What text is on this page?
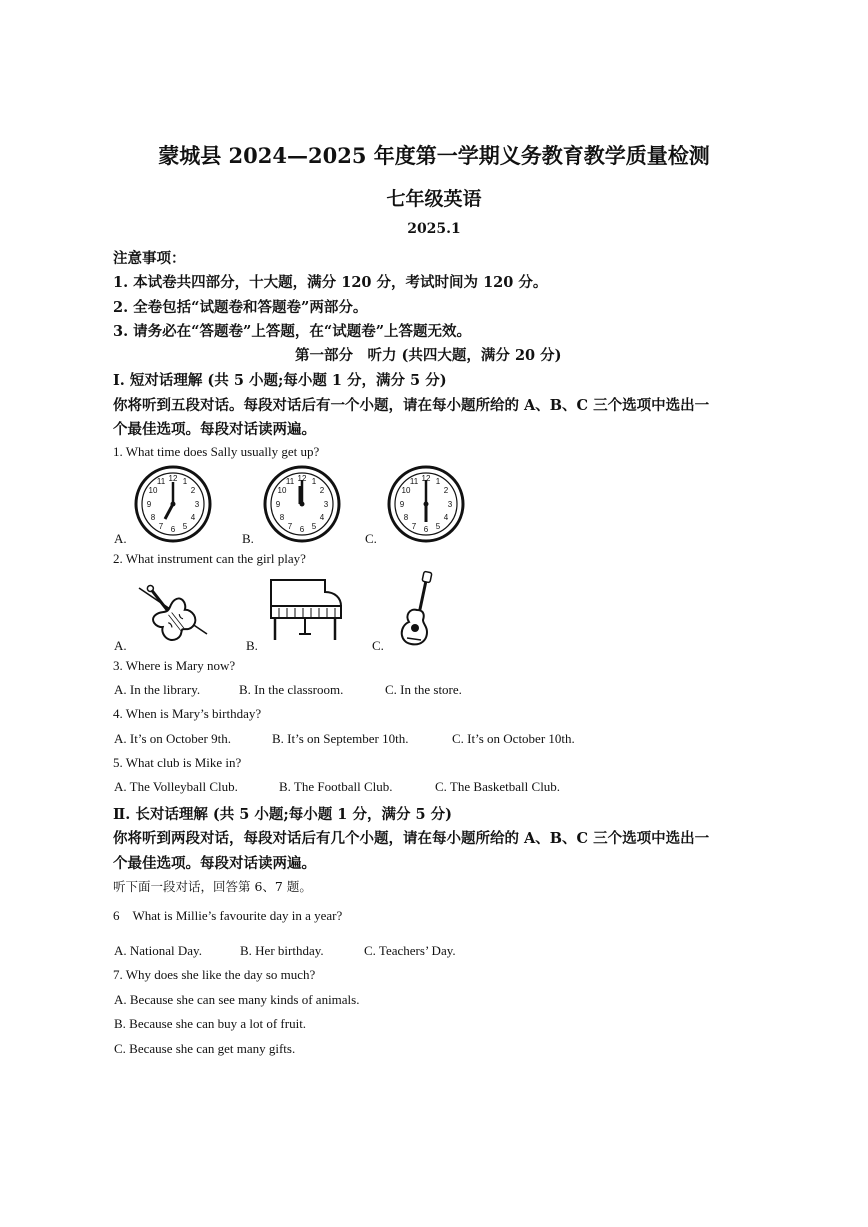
蒙城县 2024—2025 年度第一学期义务教育教学质量检测
七年级英语
2025.1
注意事项：
1. 本试卷共四部分，十大题，满分 120 分，考试时间为 120 分。
2. 全卷包括“试题卷和答题卷”两部分。
3. 请务必在“答题卷”上答题，在“试题卷”上答题无效。
第一部分　听力 (共四大题，满分 20 分)
Ⅰ. 短对话理解 (共 5 小题;每小题 1 分，满分 5 分)
你将听到五段对话。每段对话后有一个小题，请在每小题所给的 A、B、C 三个选项中选出一
个最佳选项。每段对话读两遍。
1. What time does Sally usually get up?
12 1
2
3
4
5
6
7
8
9
10
11
A.
12 1
2
3
4
5
6
7
8
9
10
11
B.
12 1
2
3
4
5
6
7
8
9
10
11
C.
2. What instrument can the girl play?
A.	B.	C.
3. Where is Mary now?
A. In the library.	B. In the classroom.	C. In the store.
4. When is Mary’s birthday?
A. It’s on October 9th.	B. It’s on September 10th.	C. It’s on October 10th.
5. What club is Mike in?
A. The Volleyball Club.	B. The Football Club.	C. The Basketball Club.
Ⅱ. 长对话理解 (共 5 小题;每小题 1 分，满分 5 分)
你将听到两段对话，每段对话后有几个小题，请在每小题所给的 A、B、C 三个选项中选出一
个最佳选项。每段对话读两遍。
听下面一段对话，回答第 6、7 题。
6　What is Millie’s favourite day in a year?
A. National Day.	B. Her birthday.	C. Teachers’ Day.
7. Why does she like the day so much?
A. Because she can see many kinds of animals.
B. Because she can buy a lot of fruit.
C. Because she can get many gifts.
